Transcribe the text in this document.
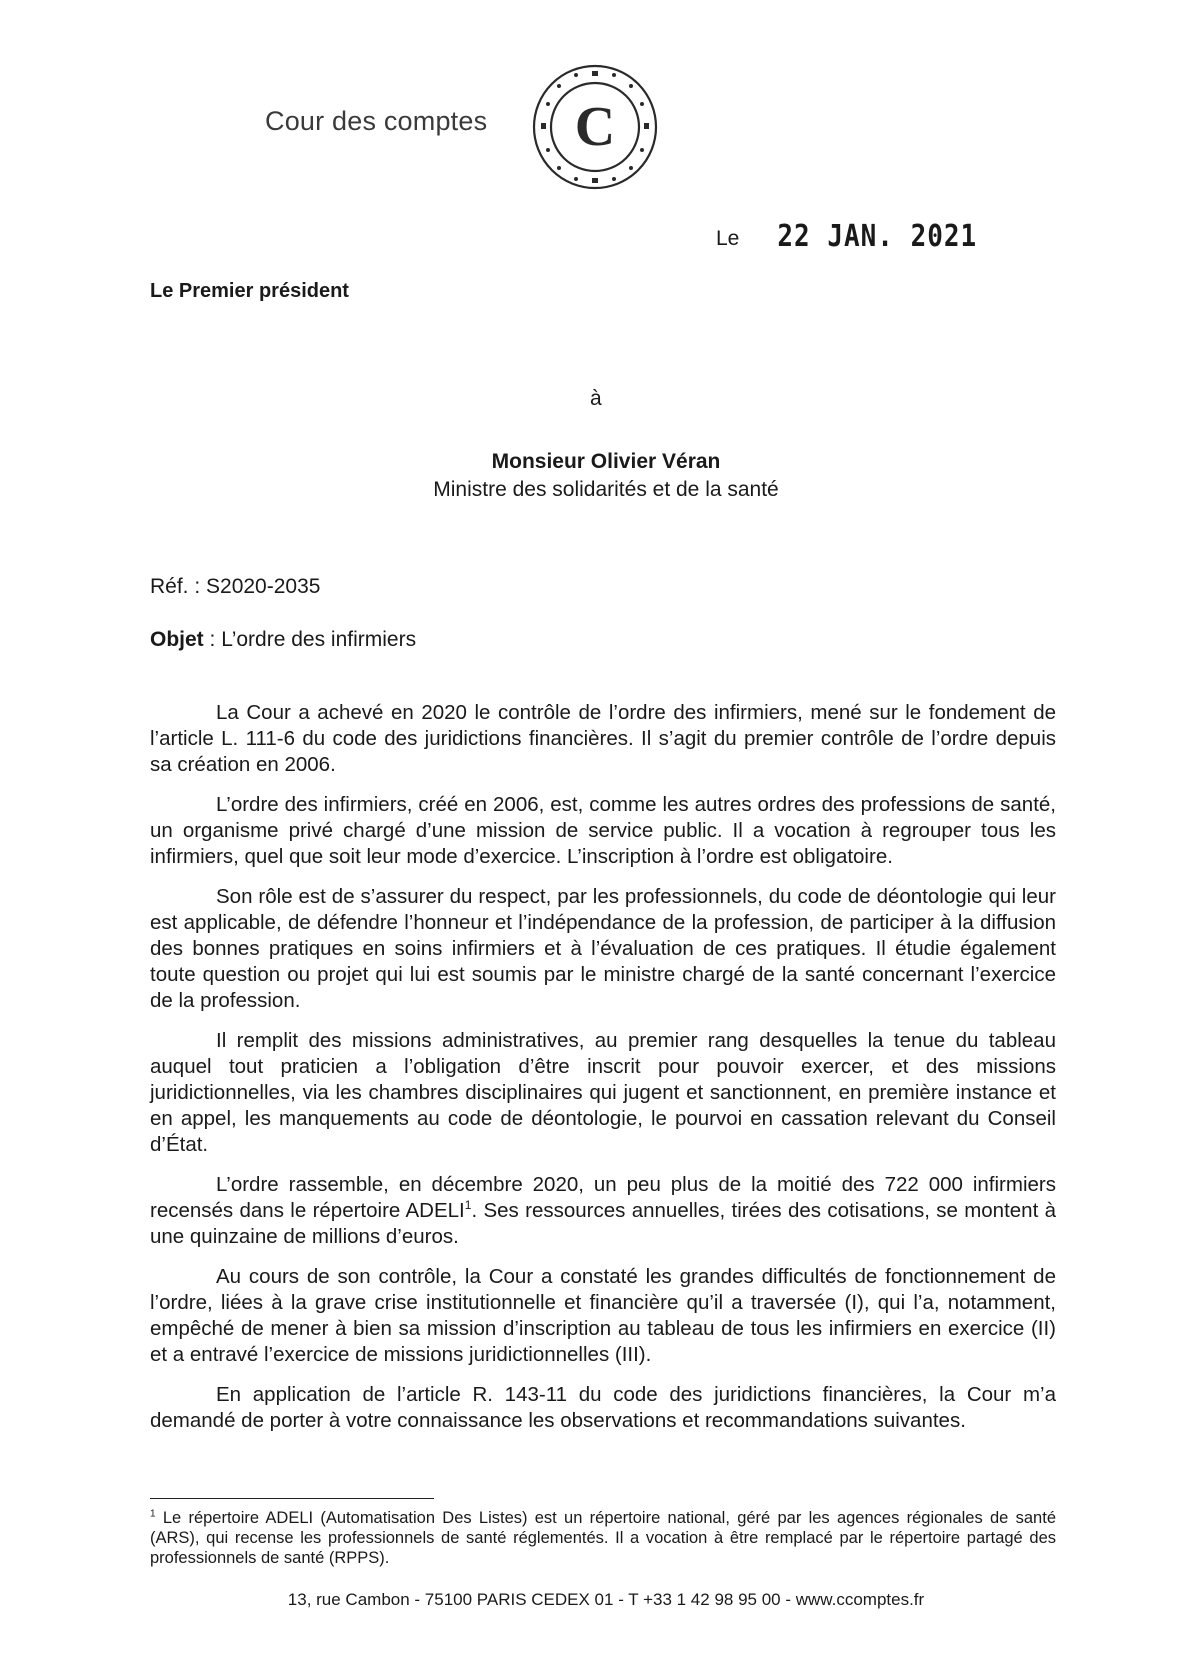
Cour des comptes C
Le 22 JAN. 2021
Le Premier président
à
Monsieur Olivier Véran
Ministre des solidarités et de la santé
Réf. : S2020-2035
Objet : L’ordre des infirmiers

La Cour a achevé en 2020 le contrôle de l’ordre des infirmiers, mené sur le fondement de l’article L. 111-6 du code des juridictions financières. Il s’agit du premier contrôle de l’ordre depuis sa création en 2006.

L’ordre des infirmiers, créé en 2006, est, comme les autres ordres des professions de santé, un organisme privé chargé d’une mission de service public. Il a vocation à regrouper tous les infirmiers, quel que soit leur mode d’exercice. L’inscription à l’ordre est obligatoire.

Son rôle est de s’assurer du respect, par les professionnels, du code de déontologie qui leur est applicable, de défendre l’honneur et l’indépendance de la profession, de participer à la diffusion des bonnes pratiques en soins infirmiers et à l’évaluation de ces pratiques. Il étudie également toute question ou projet qui lui est soumis par le ministre chargé de la santé concernant l’exercice de la profession.

Il remplit des missions administratives, au premier rang desquelles la tenue du tableau auquel tout praticien a l’obligation d’être inscrit pour pouvoir exercer, et des missions juridictionnelles, via les chambres disciplinaires qui jugent et sanctionnent, en première instance et en appel, les manquements au code de déontologie, le pourvoi en cassation relevant du Conseil d’État.

L’ordre rassemble, en décembre 2020, un peu plus de la moitié des 722 000 infirmiers recensés dans le répertoire ADELI$^1$. Ses ressources annuelles, tirées des cotisations, se montent à une quinzaine de millions d’euros.

Au cours de son contrôle, la Cour a constaté les grandes difficultés de fonctionnement de l’ordre, liées à la grave crise institutionnelle et financière qu’il a traversée (I), qui l’a, notamment, empêché de mener à bien sa mission d’inscription au tableau de tous les infirmiers en exercice (II) et a entravé l’exercice de missions juridictionnelles (III).

En application de l’article R. 143-11 du code des juridictions financières, la Cour m’a demandé de porter à votre connaissance les observations et recommandations suivantes.

$^1$ Le répertoire ADELI (Automatisation Des Listes) est un répertoire national, géré par les agences régionales de santé (ARS), qui recense les professionnels de santé réglementés. Il a vocation à être remplacé par le répertoire partagé des professionnels de santé (RPPS).
13, rue Cambon - 75100 PARIS CEDEX 01 - T +33 1 42 98 95 00 - www.ccomptes.fr
